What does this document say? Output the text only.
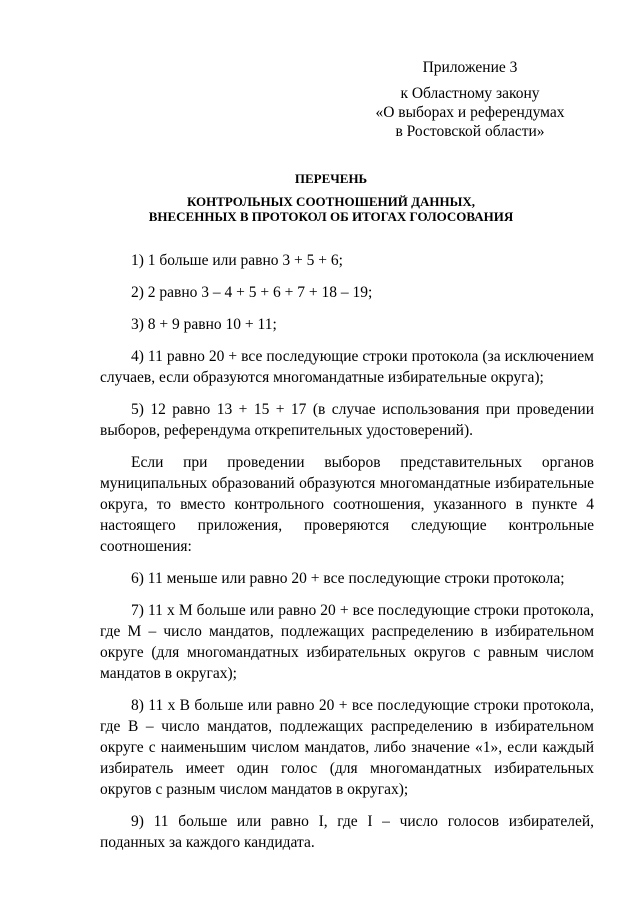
Приложение 3
к Областному закону
«О выборах и референдумах
в Ростовской области»
ПЕРЕЧЕНЬ
КОНТРОЛЬНЫХ СООТНОШЕНИЙ ДАННЫХ,
ВНЕСЕННЫХ В ПРОТОКОЛ ОБ ИТОГАХ ГОЛОСОВАНИЯ

1) 1 больше или равно 3 + 5 + 6;

2) 2 равно 3 – 4 + 5 + 6 + 7 + 18 – 19;

3) 8 + 9 равно 10 + 11;

4) 11 равно 20 + все последующие строки протокола (за исключением случаев, если образуются многомандатные избирательные округа);

5) 12 равно 13 + 15 + 17 (в случае использования при проведении выборов, референдума открепительных удостоверений).

Если при проведении выборов представительных органов муниципальных образований образуются многомандатные избирательные округа, то вместо контрольного соотношения, указанного в пункте 4 настоящего приложения, проверяются следующие контрольные соотношения:

6) 11 меньше или равно 20 + все последующие строки протокола;

7) 11 х М больше или равно 20 + все последующие строки протокола, где М – число мандатов, подлежащих распределению в избирательном округе (для многомандатных избирательных округов с равным числом мандатов в округах);

8) 11 х В больше или равно 20 + все последующие строки протокола, где В – число мандатов, подлежащих распределению в избирательном округе с наименьшим числом мандатов, либо значение «1», если каждый избиратель имеет один голос (для многомандатных избирательных округов с разным числом мандатов в округах);

9) 11 больше или равно I, где I – число голосов избирателей, поданных за каждого кандидата.
